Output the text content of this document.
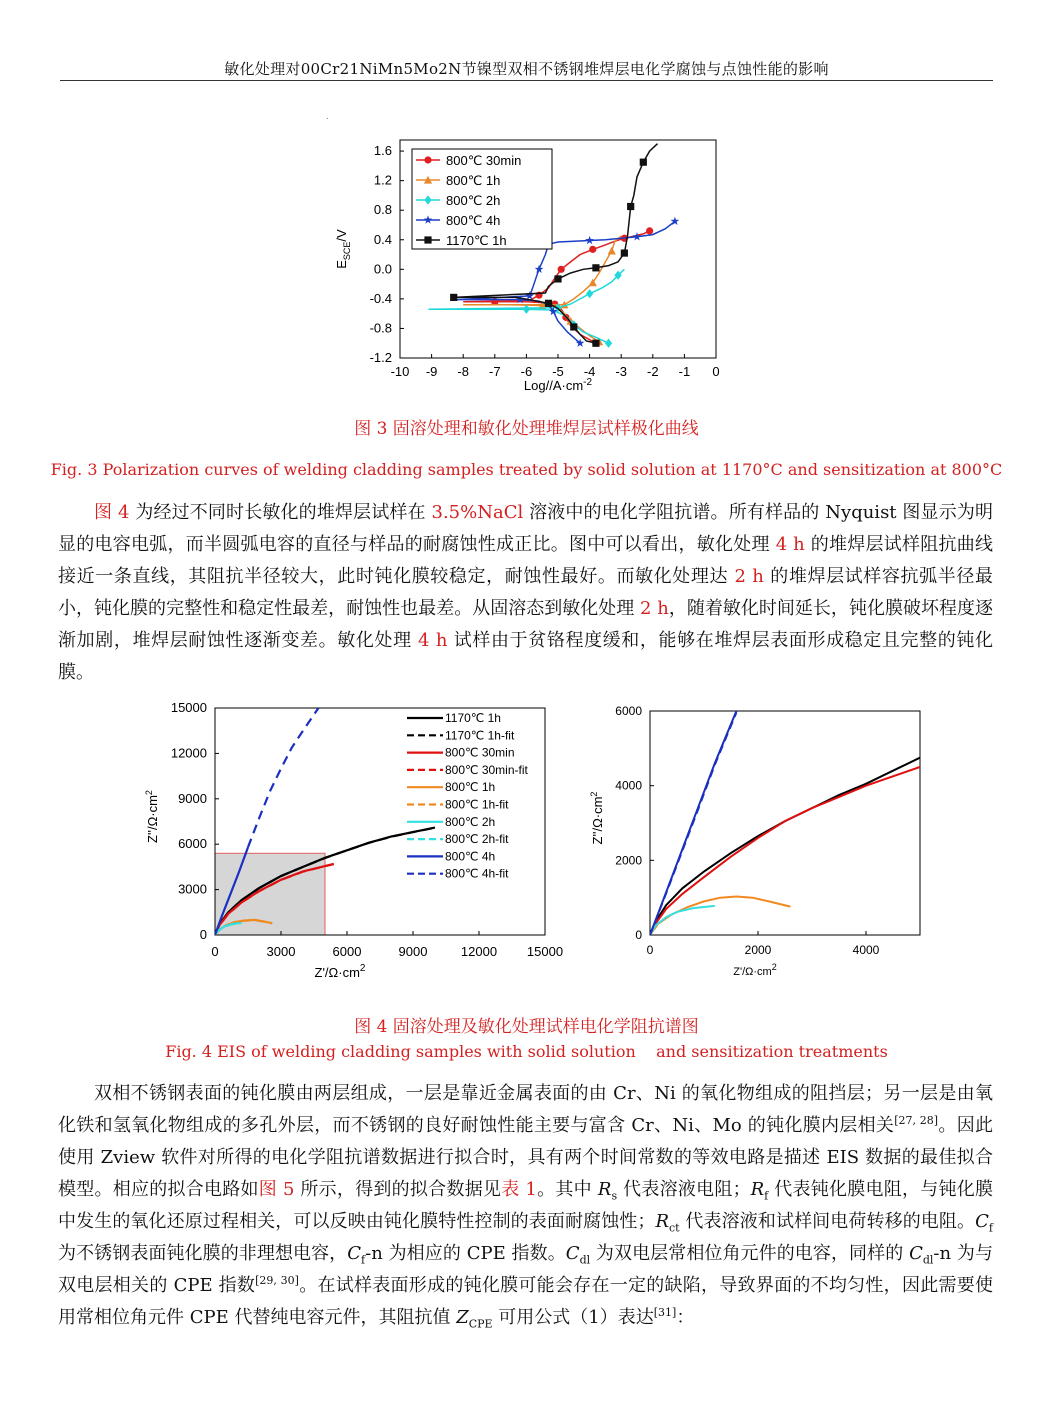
敏化处理对00Cr21NiMn5Mo2N节镍型双相不锈钢堆焊层电化学腐蚀与点蚀性能的影响
.
-10 -9 -8 -7 -6 -5 -4 -3 -2 -1 0
-1.2
-0.8
-0.4
0.0
0.4
0.8
1.2
1.6
Log/$/A\cdot cm^{-2}$
$E_{SCE}/V$
800℃ 30min
800℃ 1h
800℃ 2h
800℃ 4h
1170℃ 1h
图 3 固溶处理和敏化处理堆焊层试样极化曲线
Fig. 3 Polarization curves of welding cladding samples treated by solid solution at 1170°C and sensitization at 800°C
图 4 为经过不同时长敏化的堆焊层试样在 3.5%NaCl 溶液中的电化学阻抗谱。所有样品的 Nyquist 图显示为明显的电容电弧，而半圆弧电容的直径与样品的耐腐蚀性成正比。图中可以看出，敏化处理 4 h 的堆焊层试样阻抗曲线接近一条直线，其阻抗半径较大，此时钝化膜较稳定，耐蚀性最好。而敏化处理达 2 h 的堆焊层试样容抗弧半径最小，钝化膜的完整性和稳定性最差，耐蚀性也最差。从固溶态到敏化处理 2 h，随着敏化时间延长，钝化膜破坏程度逐渐加剧，堆焊层耐蚀性逐渐变差。敏化处理 4 h 试样由于贫铬程度缓和，能够在堆焊层表面形成稳定且完整的钝化膜。
0	3000	6000	9000	12000 15000
0
3000
6000
9000
12000
15000
$Z'/\Omega\cdot cm^2$
$Z''/\Omega\cdot cm^2$
1170℃ 1h
1170℃ 1h-fit
800℃ 30min
800℃ 30min-fit
800℃ 1h
800℃ 1h-fit
800℃ 2h
800℃ 2h-fit
800℃ 4h
800℃ 4h-fit
0	2000	4000
0
2000
4000
6000
$Z'/\Omega\cdot cm^2$
$Z''/\Omega\cdot cm^2$
图 4 固溶处理及敏化处理试样电化学阻抗谱图
Fig. 4 EIS of welding cladding samples with solid solution    and sensitization treatments
双相不锈钢表面的钝化膜由两层组成，一层是靠近金属表面的由 Cr、Ni 的氧化物组成的阻挡层；另一层是由氧化铁和氢氧化物组成的多孔外层，而不锈钢的良好耐蚀性能主要与富含 Cr、Ni、Mo 的钝化膜内层相关[27, 28]。因此使用 Zview 软件对所得的电化学阻抗谱数据进行拟合时，具有两个时间常数的等效电路是描述 EIS 数据的最佳拟合模型。相应的拟合电路如图 5 所示，得到的拟合数据见表 1。其中 $R_s$ 代表溶液电阻；$R_f$ 代表钝化膜电阻，与钝化膜中发生的氧化还原过程相关，可以反映由钝化膜特性控制的表面耐腐蚀性；$R_{ct}$ 代表溶液和试样间电荷转移的电阻。$C_f$ 为不锈钢表面钝化膜的非理想电容，$C_f-n$ 为相应的 CPE 指数。$C_{dl}$ 为双电层常相位角元件的电容，同样的 $C_{dl}-n$ 为与双电层相关的 CPE 指数[29, 30]。在试样表面形成的钝化膜可能会存在一定的缺陷，导致界面的不均匀性，因此需要使用常相位角元件 CPE 代替纯电容元件，其阻抗值 $Z_{CPE}$ 可用公式（1）表达[31]：
